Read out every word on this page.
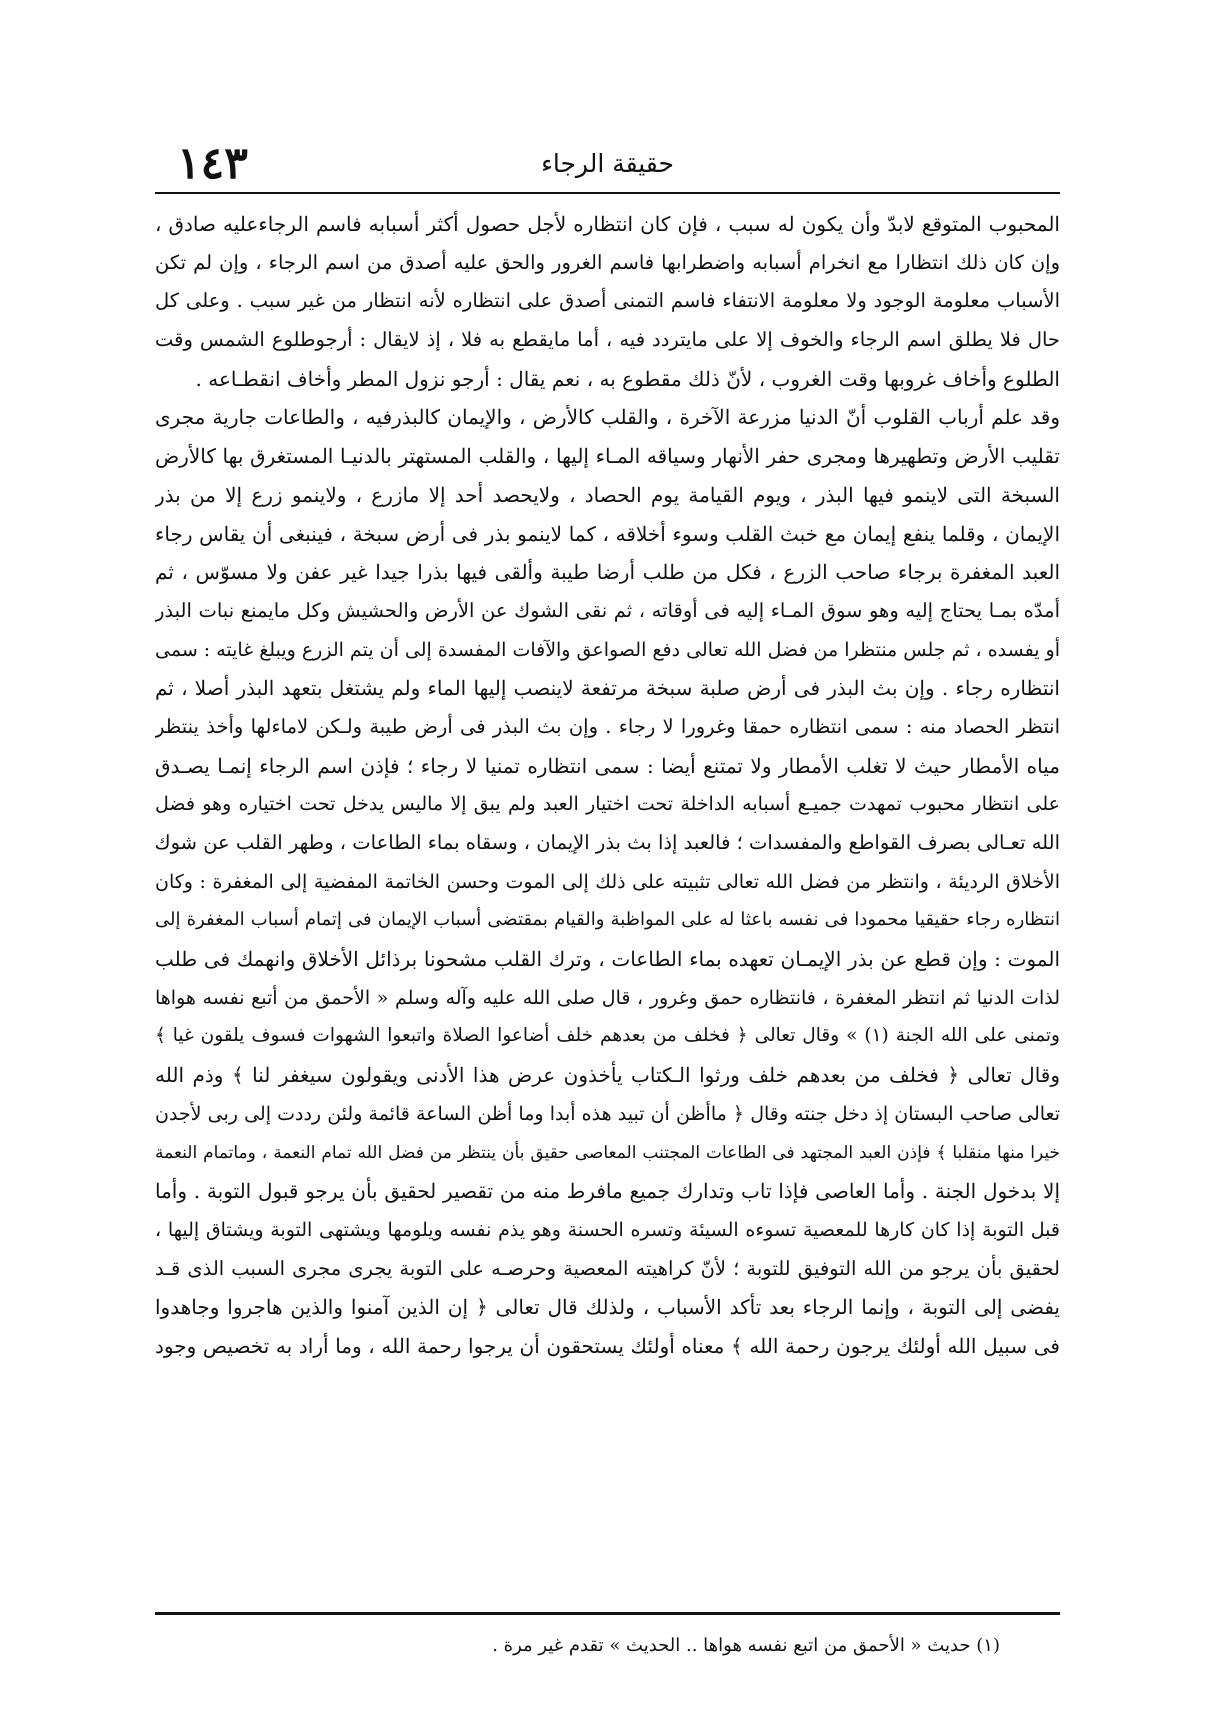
١٤٣	حقيقة الرجاء
المحبوب المتوقع لابدّ وأن يكون له سبب ، فإن كان انتظاره لأجل حصول أكثر أسبابه فاسم الرجاءعليه صادق ،
وإن كان ذلك انتظارا مع انخرام أسبابه واضطرابها فاسم الغرور والحق عليه أصدق من اسم الرجاء ، وإن لم تكن
الأسباب معلومة الوجود ولا معلومة الانتفاء فاسم التمنى أصدق على انتظاره لأنه انتظار من غير سبب . وعلى كل
حال فلا يطلق اسم الرجاء والخوف إلا على مايتردد فيه ، أما مايقطع به فلا ، إذ لايقال : أرجوطلوع الشمس وقت
الطلوع وأخاف غروبها وقت الغروب ، لأنّ ذلك مقطوع به ، نعم يقال : أرجو نزول المطر وأخاف انقطـاعه .
وقد علم أرباب القلوب أنّ الدنيا مزرعة الآخرة ، والقلب كالأرض ، والإيمان كالبذرفيه ، والطاعات جارية مجرى
تقليب الأرض وتطهيرها ومجرى حفر الأنهار وسياقه المـاء إليها ، والقلب المستهتر بالدنيـا المستغرق بها كالأرض
السبخة التى لاينمو فيها البذر ، ويوم القيامة يوم الحصاد ، ولايحصد أحد إلا مازرع ، ولاينمو زرع إلا من بذر
الإيمان ، وقلما ينفع إيمان مع خبث القلب وسوء أخلاقه ، كما لاينمو بذر فى أرض سبخة ، فينبغى أن يقاس رجاء
العبد المغفرة برجاء صاحب الزرع ، فكل من طلب أرضا طيبة وألقى فيها بذرا جيدا غير عفن ولا مسوّس ، ثم
أمدّه بمـا يحتاج إليه وهو سوق المـاء إليه فى أوقاته ، ثم نقى الشوك عن الأرض والحشيش وكل مايمنع نبات البذر
أو يفسده ، ثم جلس منتظرا من فضل الله تعالى دفع الصواعق والآفات المفسدة إلى أن يتم الزرع ويبلغ غايته : سمى
انتظاره رجاء . وإن بث البذر فى أرض صلبة سبخة مرتفعة لاينصب إليها الماء ولم يشتغل بتعهد البذر أصلا ، ثم
انتظر الحصاد منه : سمى انتظاره حمقا وغرورا لا رجاء . وإن بث البذر فى أرض طيبة ولـكن لاماءلها وأخذ ينتظر
مياه الأمطار حيث لا تغلب الأمطار ولا تمتنع أيضا : سمى انتظاره تمنيا لا رجاء ؛ فإذن اسم الرجاء إنمـا يصـدق
على انتظار محبوب تمهدت جميـع أسبابه الداخلة تحت اختيار العبد ولم يبق إلا ماليس يدخل تحت اختياره وهو فضل
الله تعـالى بصرف القواطع والمفسدات ؛ فالعبد إذا بث بذر الإيمان ، وسقاه بماء الطاعات ، وطهر القلب عن شوك
الأخلاق الرديئة ، وانتظر من فضل الله تعالى تثبيته على ذلك إلى الموت وحسن الخاتمة المفضية إلى المغفرة : وكان
انتظاره رجاء حقيقيا محمودا فى نفسه باعثا له على المواظبة والقيام بمقتضى أسباب الإيمان فى إتمام أسباب المغفرة إلى
الموت : وإن قطع عن بذر الإيمـان تعهده بماء الطاعات ، وترك القلب مشحونا برذائل الأخلاق وانهمك فى طلب
لذات الدنيا ثم انتظر المغفرة ، فانتظاره حمق وغرور ، قال صلى الله عليه وآله وسلم « الأحمق من أتبع نفسه هواها
وتمنى على الله الجنة (١) » وقال تعالى ﴿ فخلف من بعدهم خلف أضاعوا الصلاة واتبعوا الشهوات فسوف يلقون غيا ﴾
وقال تعالى ﴿ فخلف من بعدهم خلف ورثوا الـكتاب يأخذون عرض هذا الأدنى ويقولون سيغفر لنا ﴾ وذم الله
تعالى صاحب البستان إذ دخل جنته وقال ﴿ ماأظن أن تبيد هذه أبدا وما أظن الساعة قائمة ولئن رددت إلى ربى لأجدن
خيرا منها منقلبا ﴾ فإذن العبد المجتهد فى الطاعات المجتنب المعاصى حقيق بأن ينتظر من فضل الله تمام النعمة ، وماتمام النعمة
إلا بدخول الجنة . وأما العاصى فإذا تاب وتدارك جميع مافرط منه من تقصير لحقيق بأن يرجو قبول التوبة . وأما
قبل التوبة إذا كان كارها للمعصية تسوءه السيئة وتسره الحسنة وهو يذم نفسه ويلومها ويشتهى التوبة ويشتاق إليها ،
لحقيق بأن يرجو من الله التوفيق للتوبة ؛ لأنّ كراهيته المعصية وحرصـه على التوبة يجرى مجرى السبب الذى قـد
يفضى إلى التوبة ، وإنما الرجاء بعد تأكد الأسباب ، ولذلك قال تعالى ﴿ إن الذين آمنوا والذين هاجروا وجاهدوا
فى سبيل الله أولئك يرجون رحمة الله ﴾ معناه أولئك يستحقون أن يرجوا رحمة الله ، وما أراد به تخصيص وجود
(١) حديث « الأحمق من اتبع نفسه هواها .. الحديث » تقدم غير مرة .
